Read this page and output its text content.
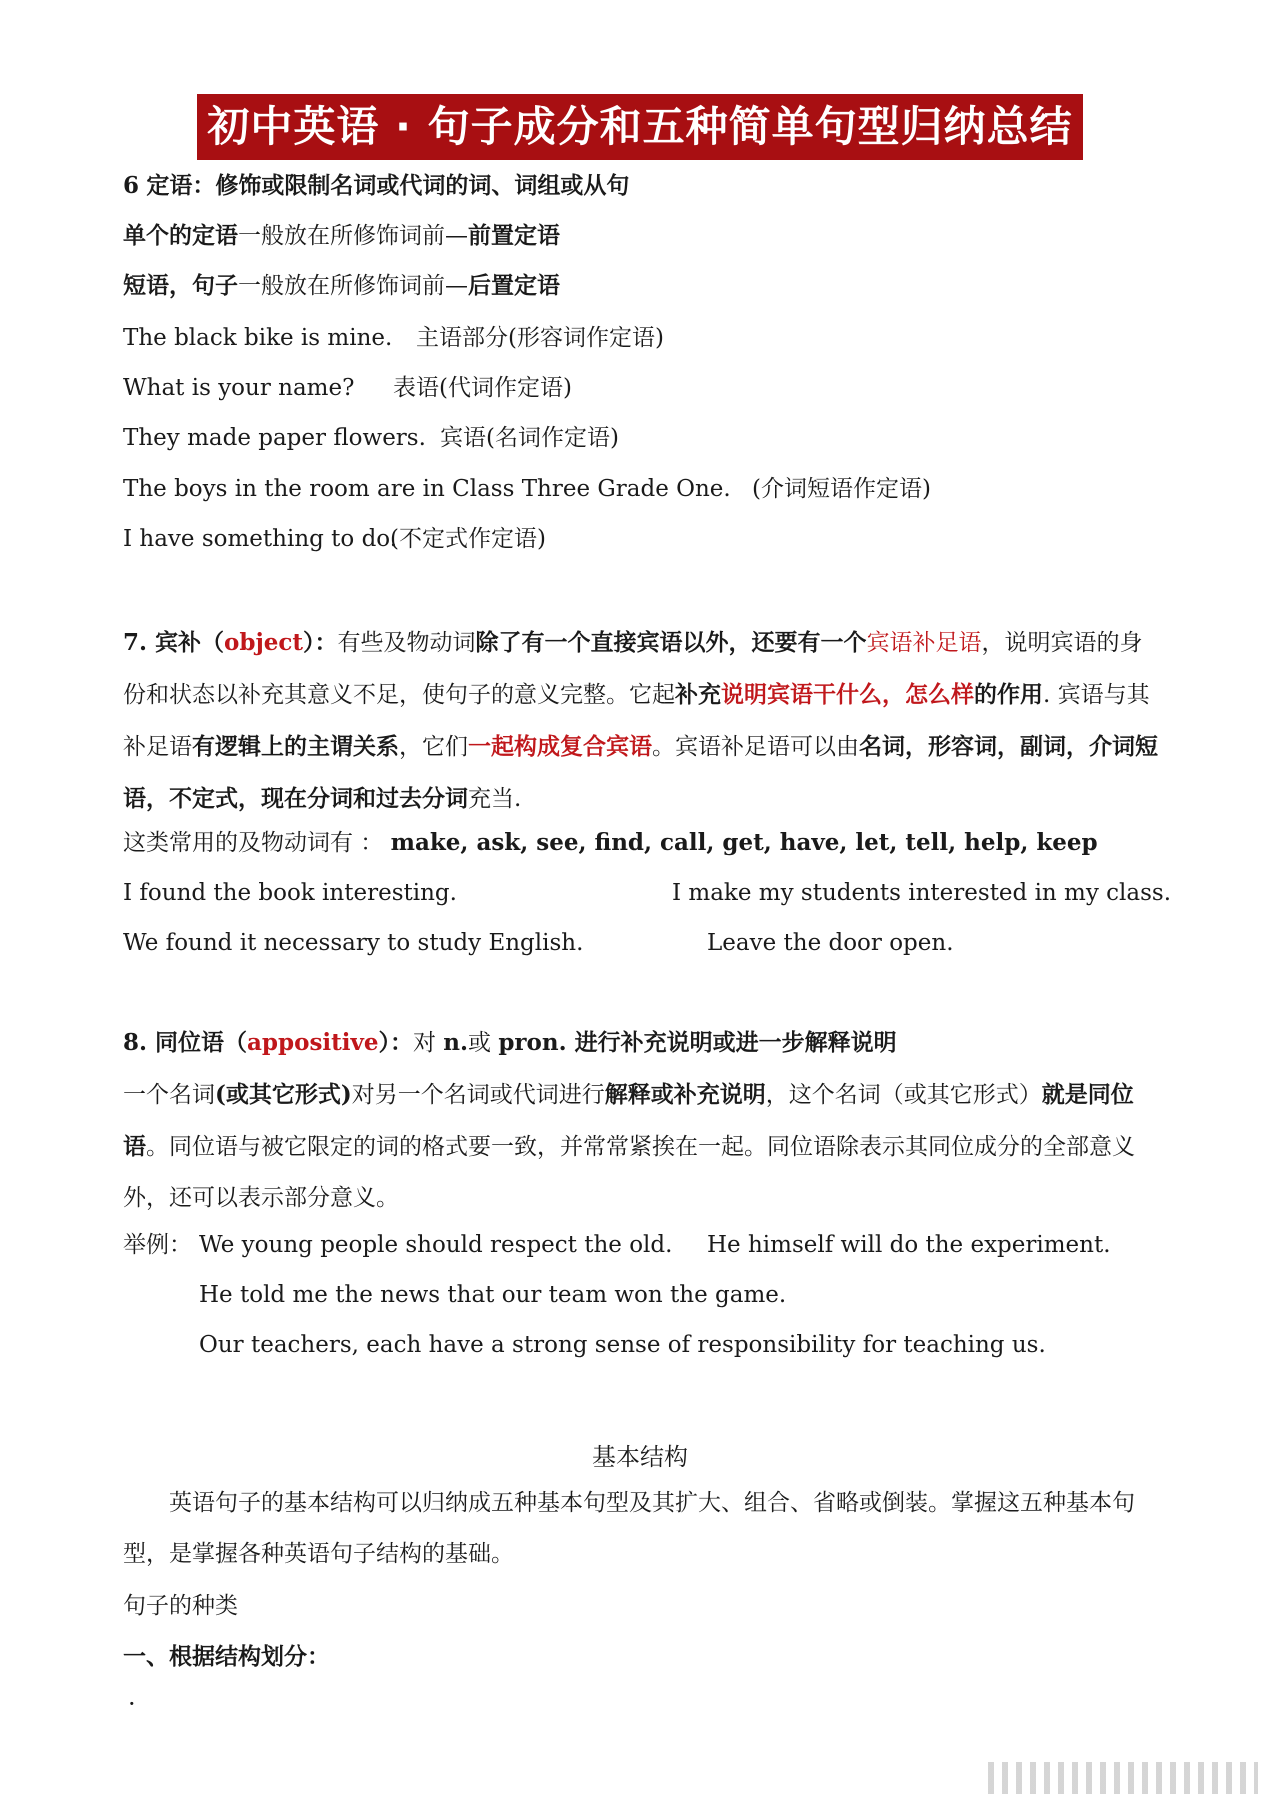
初中英语 · 句子成分和五种简单句型归纳总结
6 定语：修饰或限制名词或代词的词、词组或从句
单个的定语一般放在所修饰词前—前置定语
短语，句子一般放在所修饰词前—后置定语
The black bike is mine. 主语部分(形容词作定语)
What is your name? 表语(代词作定语)
They made paper flowers. 宾语(名词作定语)
The boys in the room are in Class Three Grade One. (介词短语作定语)
I have something to do.
(不定式作定语)
7. 宾补（object）：有些及物动词除了有一个直接宾语以外，还要有一个宾语补足语，说明宾语的身份和状态以补充其意义不足，使句子的意义完整。它起补充说明宾语干什么，怎么样的作用. 宾语与其补足语有逻辑上的主谓关系，它们一起构成复合宾语。宾语补足语可以由名词，形容词，副词，介词短语，不定式，现在分词和过去分词充当.
这类常用的及物动词有 ： make, ask, see, find, call, get, have, let, tell, help, keep
I found the book interesting.	I make my students interested in my class.
We found it necessary to study English.	Leave the door open.
8. 同位语（appositive）：对 n.或 pron. 进行补充说明或进一步解释说明
一个名词(或其它形式)对另一个名词或代词进行解释或补充说明，这个名词（或其它形式）就是同位语。同位语与被它限定的词的格式要一致，并常常紧挨在一起。同位语除表示其同位成分的全部意义外，还可以表示部分意义。
举例： We young people should respect the old. He himself will do the experiment.
He told me the news that our team won the game.
Our teachers, each have a strong sense of responsibility for teaching us.
基本结构
英语句子的基本结构可以归纳成五种基本句型及其扩大、组合、省略或倒装。掌握这五种基本句型，是掌握各种英语句子结构的基础。
句子的种类
一、根据结构划分：
·
